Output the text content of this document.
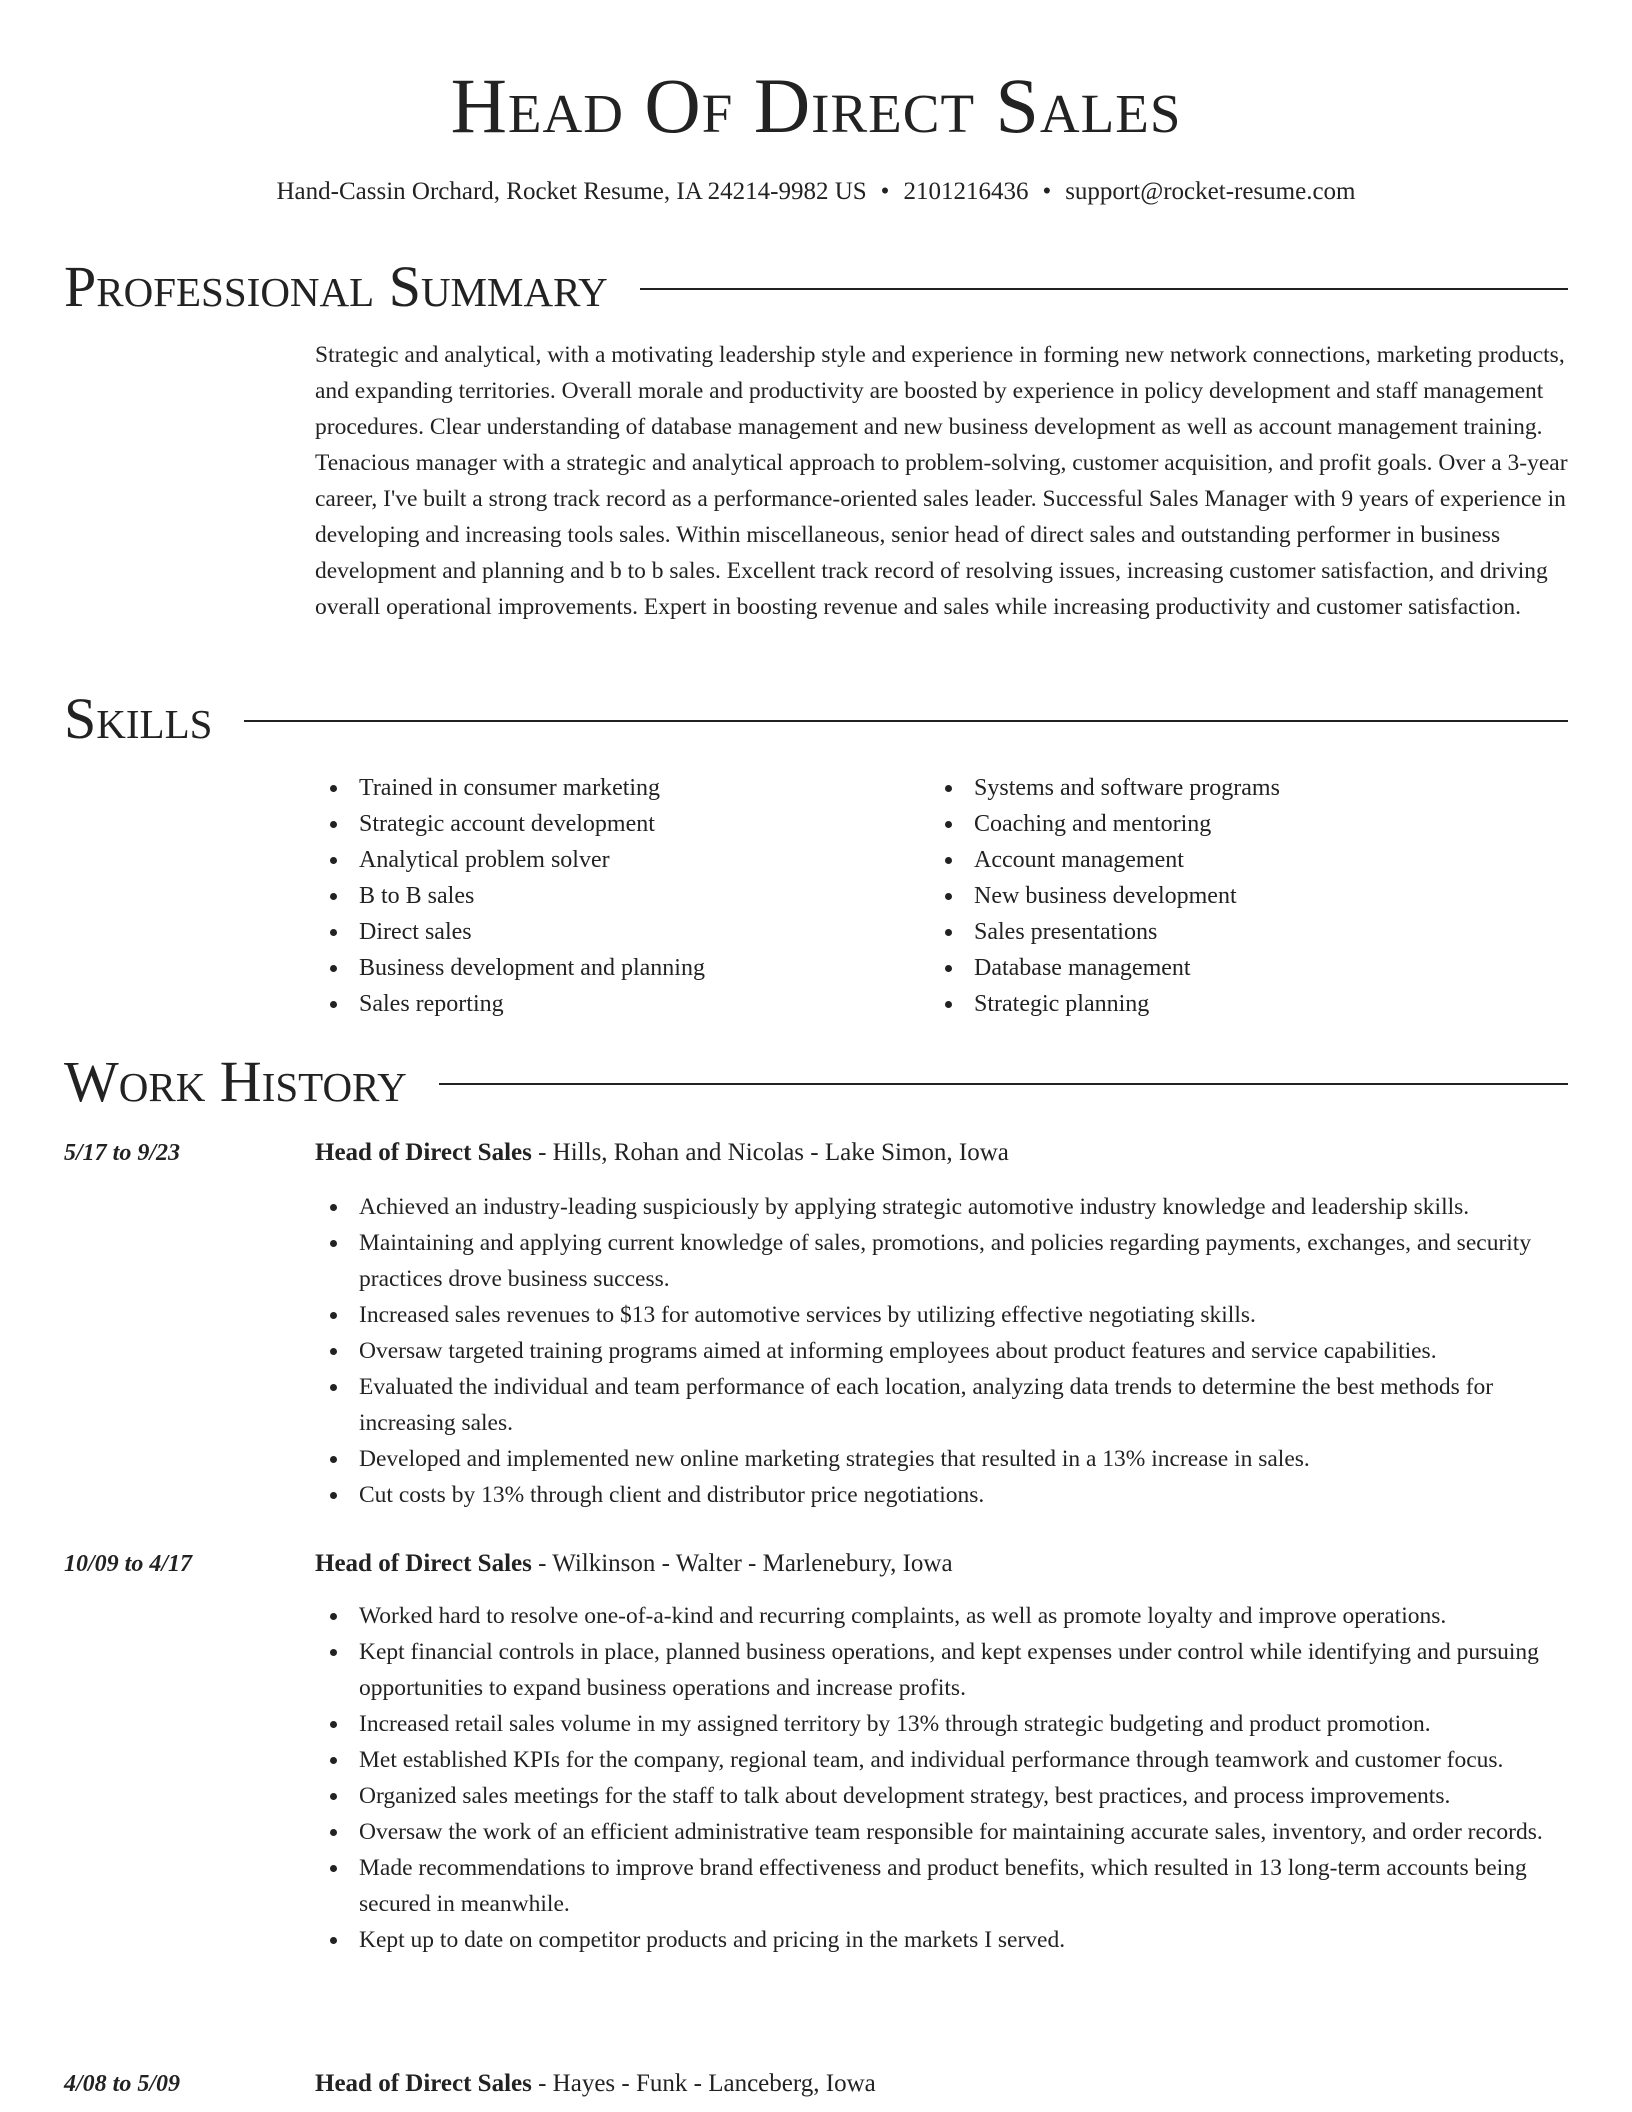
Head Of Direct Sales
Hand-Cassin Orchard, Rocket Resume, IA 24214-9982 US • 2101216436 • support@rocket-resume.com
Professional Summary
Strategic and analytical, with a motivating leadership style and experience in forming new network connections, marketing products, and expanding territories. Overall morale and productivity are boosted by experience in policy development and staff management procedures. Clear understanding of database management and new business development as well as account management training. Tenacious manager with a strategic and analytical approach to problem-solving, customer acquisition, and profit goals. Over a 3-year career, I've built a strong track record as a performance-oriented sales leader. Successful Sales Manager with 9 years of experience in developing and increasing tools sales. Within miscellaneous, senior head of direct sales and outstanding performer in business development and planning and b to b sales. Excellent track record of resolving issues, increasing customer satisfaction, and driving overall operational improvements. Expert in boosting revenue and sales while increasing productivity and customer satisfaction.
Skills
Trained in consumer marketing
Strategic account development
Analytical problem solver
B to B sales
Direct sales
Business development and planning
Sales reporting
Systems and software programs
Coaching and mentoring
Account management
New business development
Sales presentations
Database management
Strategic planning
Work History
5/17 to 9/23	Head of Direct Sales - Hills, Rohan and Nicolas - Lake Simon, Iowa
Achieved an industry-leading suspiciously by applying strategic automotive industry knowledge and leadership skills.
Maintaining and applying current knowledge of sales, promotions, and policies regarding payments, exchanges, and security practices drove business success.
Increased sales revenues to $13 for automotive services by utilizing effective negotiating skills.
Oversaw targeted training programs aimed at informing employees about product features and service capabilities.
Evaluated the individual and team performance of each location, analyzing data trends to determine the best methods for increasing sales.
Developed and implemented new online marketing strategies that resulted in a 13% increase in sales.
Cut costs by 13% through client and distributor price negotiations.
10/09 to 4/17	Head of Direct Sales - Wilkinson - Walter - Marlenebury, Iowa
Worked hard to resolve one-of-a-kind and recurring complaints, as well as promote loyalty and improve operations.
Kept financial controls in place, planned business operations, and kept expenses under control while identifying and pursuing opportunities to expand business operations and increase profits.
Increased retail sales volume in my assigned territory by 13% through strategic budgeting and product promotion.
Met established KPIs for the company, regional team, and individual performance through teamwork and customer focus.
Organized sales meetings for the staff to talk about development strategy, best practices, and process improvements.
Oversaw the work of an efficient administrative team responsible for maintaining accurate sales, inventory, and order records.
Made recommendations to improve brand effectiveness and product benefits, which resulted in 13 long-term accounts being secured in meanwhile.
Kept up to date on competitor products and pricing in the markets I served.
4/08 to 5/09	Head of Direct Sales - Hayes - Funk - Lanceberg, Iowa
